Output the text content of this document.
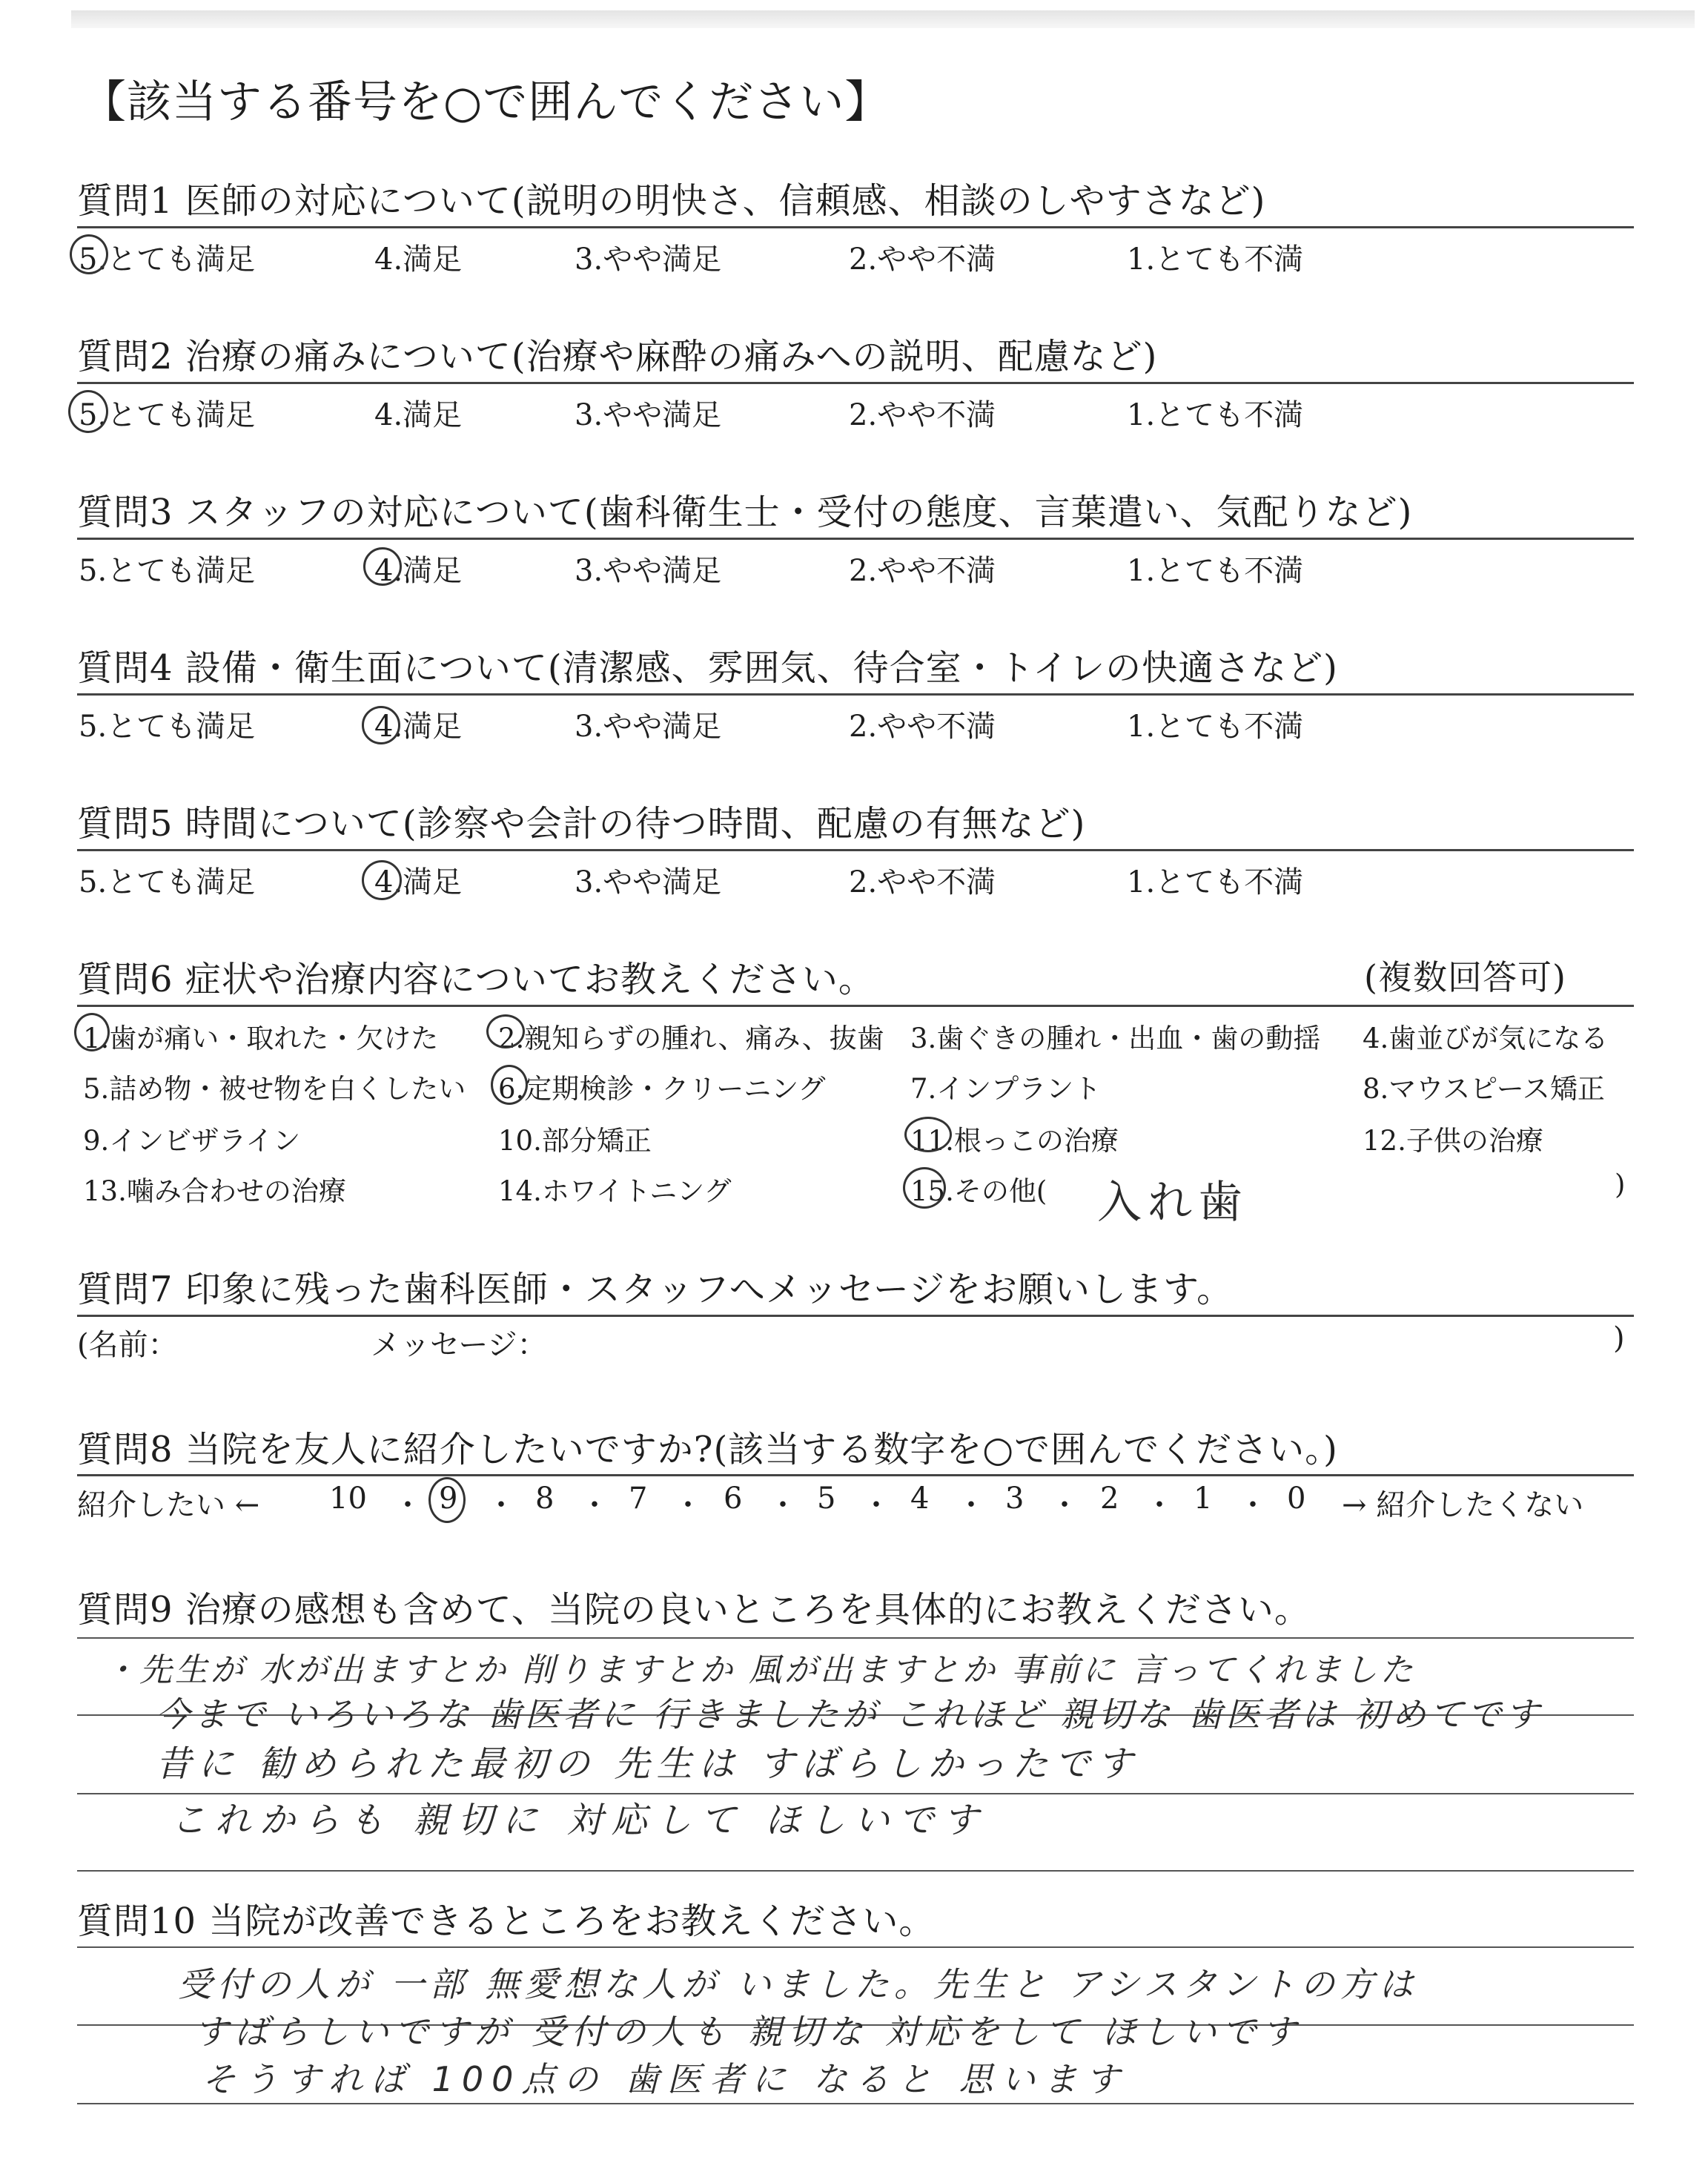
【該当する番号を○で囲んでください】
質問1 医師の対応について(説明の明快さ、信頼感、相談のしやすさなど)
5.とても満足	4.満足	3.やや満足	2.やや不満	1.とても不満
質問2 治療の痛みについて(治療や麻酔の痛みへの説明、配慮など)
5.とても満足	4.満足	3.やや満足	2.やや不満	1.とても不満
質問3 スタッフの対応について(歯科衛生士・受付の態度、言葉遣い、気配りなど)
5.とても満足	4.満足	3.やや満足	2.やや不満	1.とても不満
質問4 設備・衛生面について(清潔感、雰囲気、待合室・トイレの快適さなど)
5.とても満足	4.満足	3.やや満足	2.やや不満	1.とても不満
質問5 時間について(診察や会計の待つ時間、配慮の有無など)
5.とても満足	4.満足	3.やや満足	2.やや不満	1.とても不満
質問6 症状や治療内容についてお教えください。	(複数回答可)
1.歯が痛い・取れた・欠けた 2.親知らずの腫れ、痛み、抜歯 3.歯ぐきの腫れ・出血・歯の動揺 4.歯並びが気になる
5.詰め物・被せ物を白くしたい 6.定期検診・クリーニング	7.インプラント	8.マウスピース矯正
9.インビザライン	10.部分矯正	11.根っこの治療	12.子供の治療
13.噛み合わせの治療	14.ホワイトニング	15.その他(	)
入れ歯
質問7 印象に残った歯科医師・スタッフへメッセージをお願いします。
(名前：	メッセージ：	)
質問8 当院を友人に紹介したいですか?(該当する数字を○で囲んでください。)
紹介したい ←	→ 紹介したくない
10 ・ 9 ・ 8 ・ 7 ・ 6 ・ 5 ・ 4 ・ 3 ・ 2 ・ 1 ・ 0
質問9 治療の感想も含めて、当院の良いところを具体的にお教えください。
・先生が 水が出ますとか 削りますとか 風が出ますとか 事前に 言ってくれました
今まで いろいろな 歯医者に 行きましたが これほど 親切な 歯医者は 初めてです
昔に 勧められた最初の 先生は すばらしかったです
これからも 親切に 対応して ほしいです
質問10 当院が改善できるところをお教えください。
受付の人が 一部 無愛想な人が いました。先生と アシスタントの方は
すばらしいですが 受付の人も 親切な 対応をして ほしいです
そうすれば 100点の 歯医者に なると 思います
